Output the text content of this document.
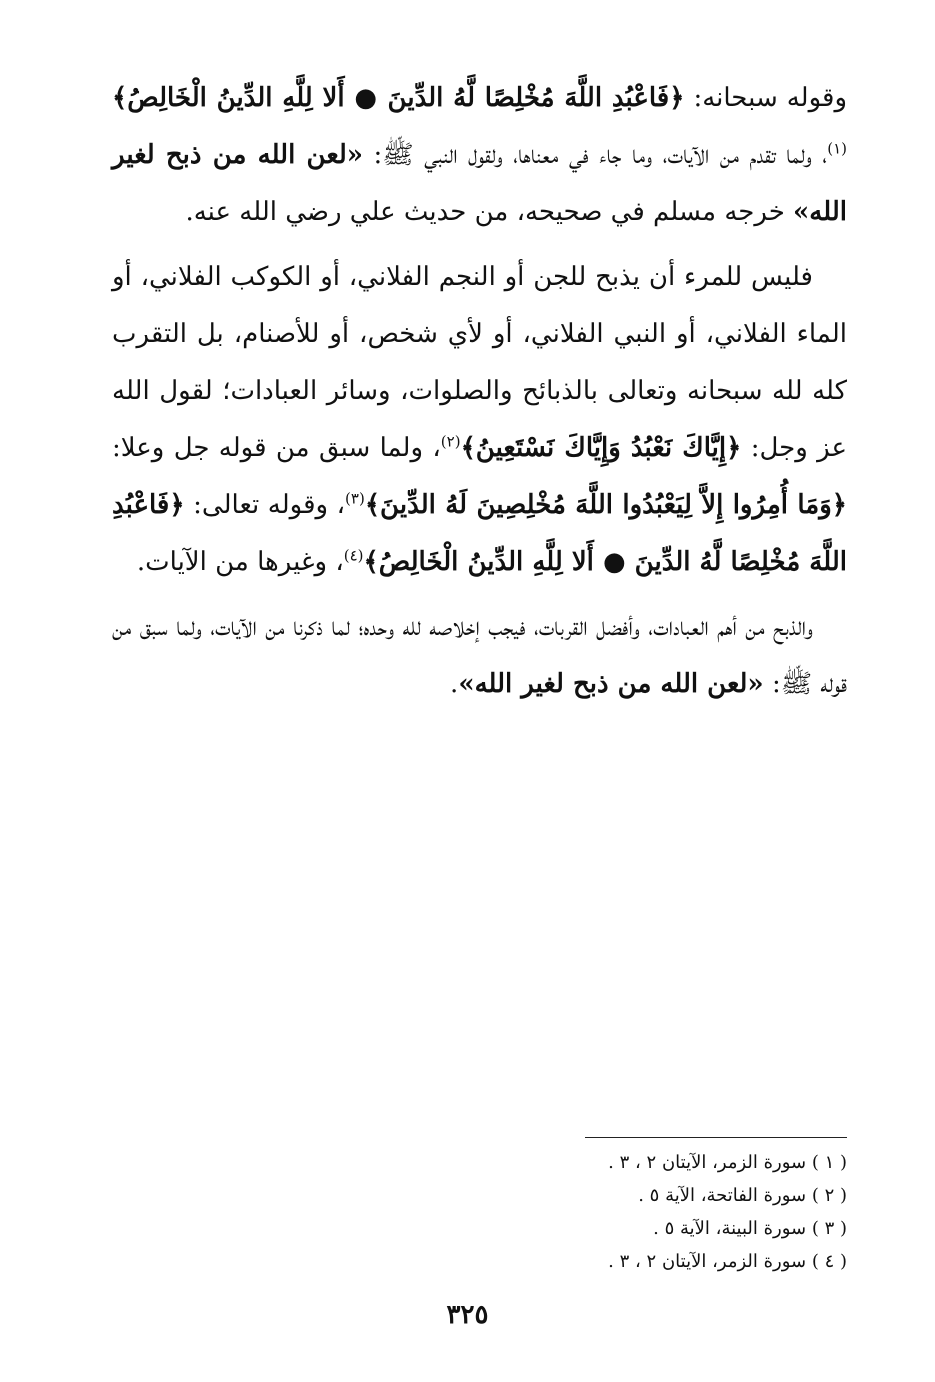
وقوله سبحانه: ﴿فَاعْبُدِ اللَّهَ مُخْلِصًا لَّهُ الدِّينَ ● أَلا لِلَّهِ الدِّينُ الْخَالِصُ﴾$^{(١)}$، ولما تقدم من الآيات، وما جاء في معناها، ولقول النبي ﷺ: «لعن الله من ذبح لغير الله» خرجه مسلم في صحيحه، من حديث علي رضي الله عنه.

فليس للمرء أن يذبح للجن أو النجم الفلاني، أو الكوكب الفلاني، أو الماء الفلاني، أو النبي الفلاني، أو لأي شخص، أو للأصنام، بل التقرب كله لله سبحانه وتعالى بالذبائح والصلوات، وسائر العبادات؛ لقول الله عز وجل: ﴿إِيَّاكَ نَعْبُدُ وَإِيَّاكَ نَسْتَعِينُ﴾$^{(٢)}$، ولما سبق من قوله جل وعلا: ﴿وَمَا أُمِرُوا إِلاَّ لِيَعْبُدُوا اللَّهَ مُخْلِصِينَ لَهُ الدِّينَ﴾$^{(٣)}$، وقوله تعالى: ﴿فَاعْبُدِ اللَّهَ مُخْلِصًا لَّهُ الدِّينَ ● أَلا لِلَّهِ الدِّينُ الْخَالِصُ﴾$^{(٤)}$، وغيرها من الآيات.

والذبح من أهم العبادات، وأفضل القربات، فيجب إخلاصه لله وحده؛ لما ذكرنا من الآيات، ولما سبق من قوله ﷺ: «لعن الله من ذبح لغير الله».

( ١ ) سورة الزمر، الآيتان ٢ ، ٣ .
( ٢ ) سورة الفاتحة، الآية ٥ .
( ٣ ) سورة البينة، الآية ٥ .
( ٤ ) سورة الزمر، الآيتان ٢ ، ٣ .
٣٢٥
